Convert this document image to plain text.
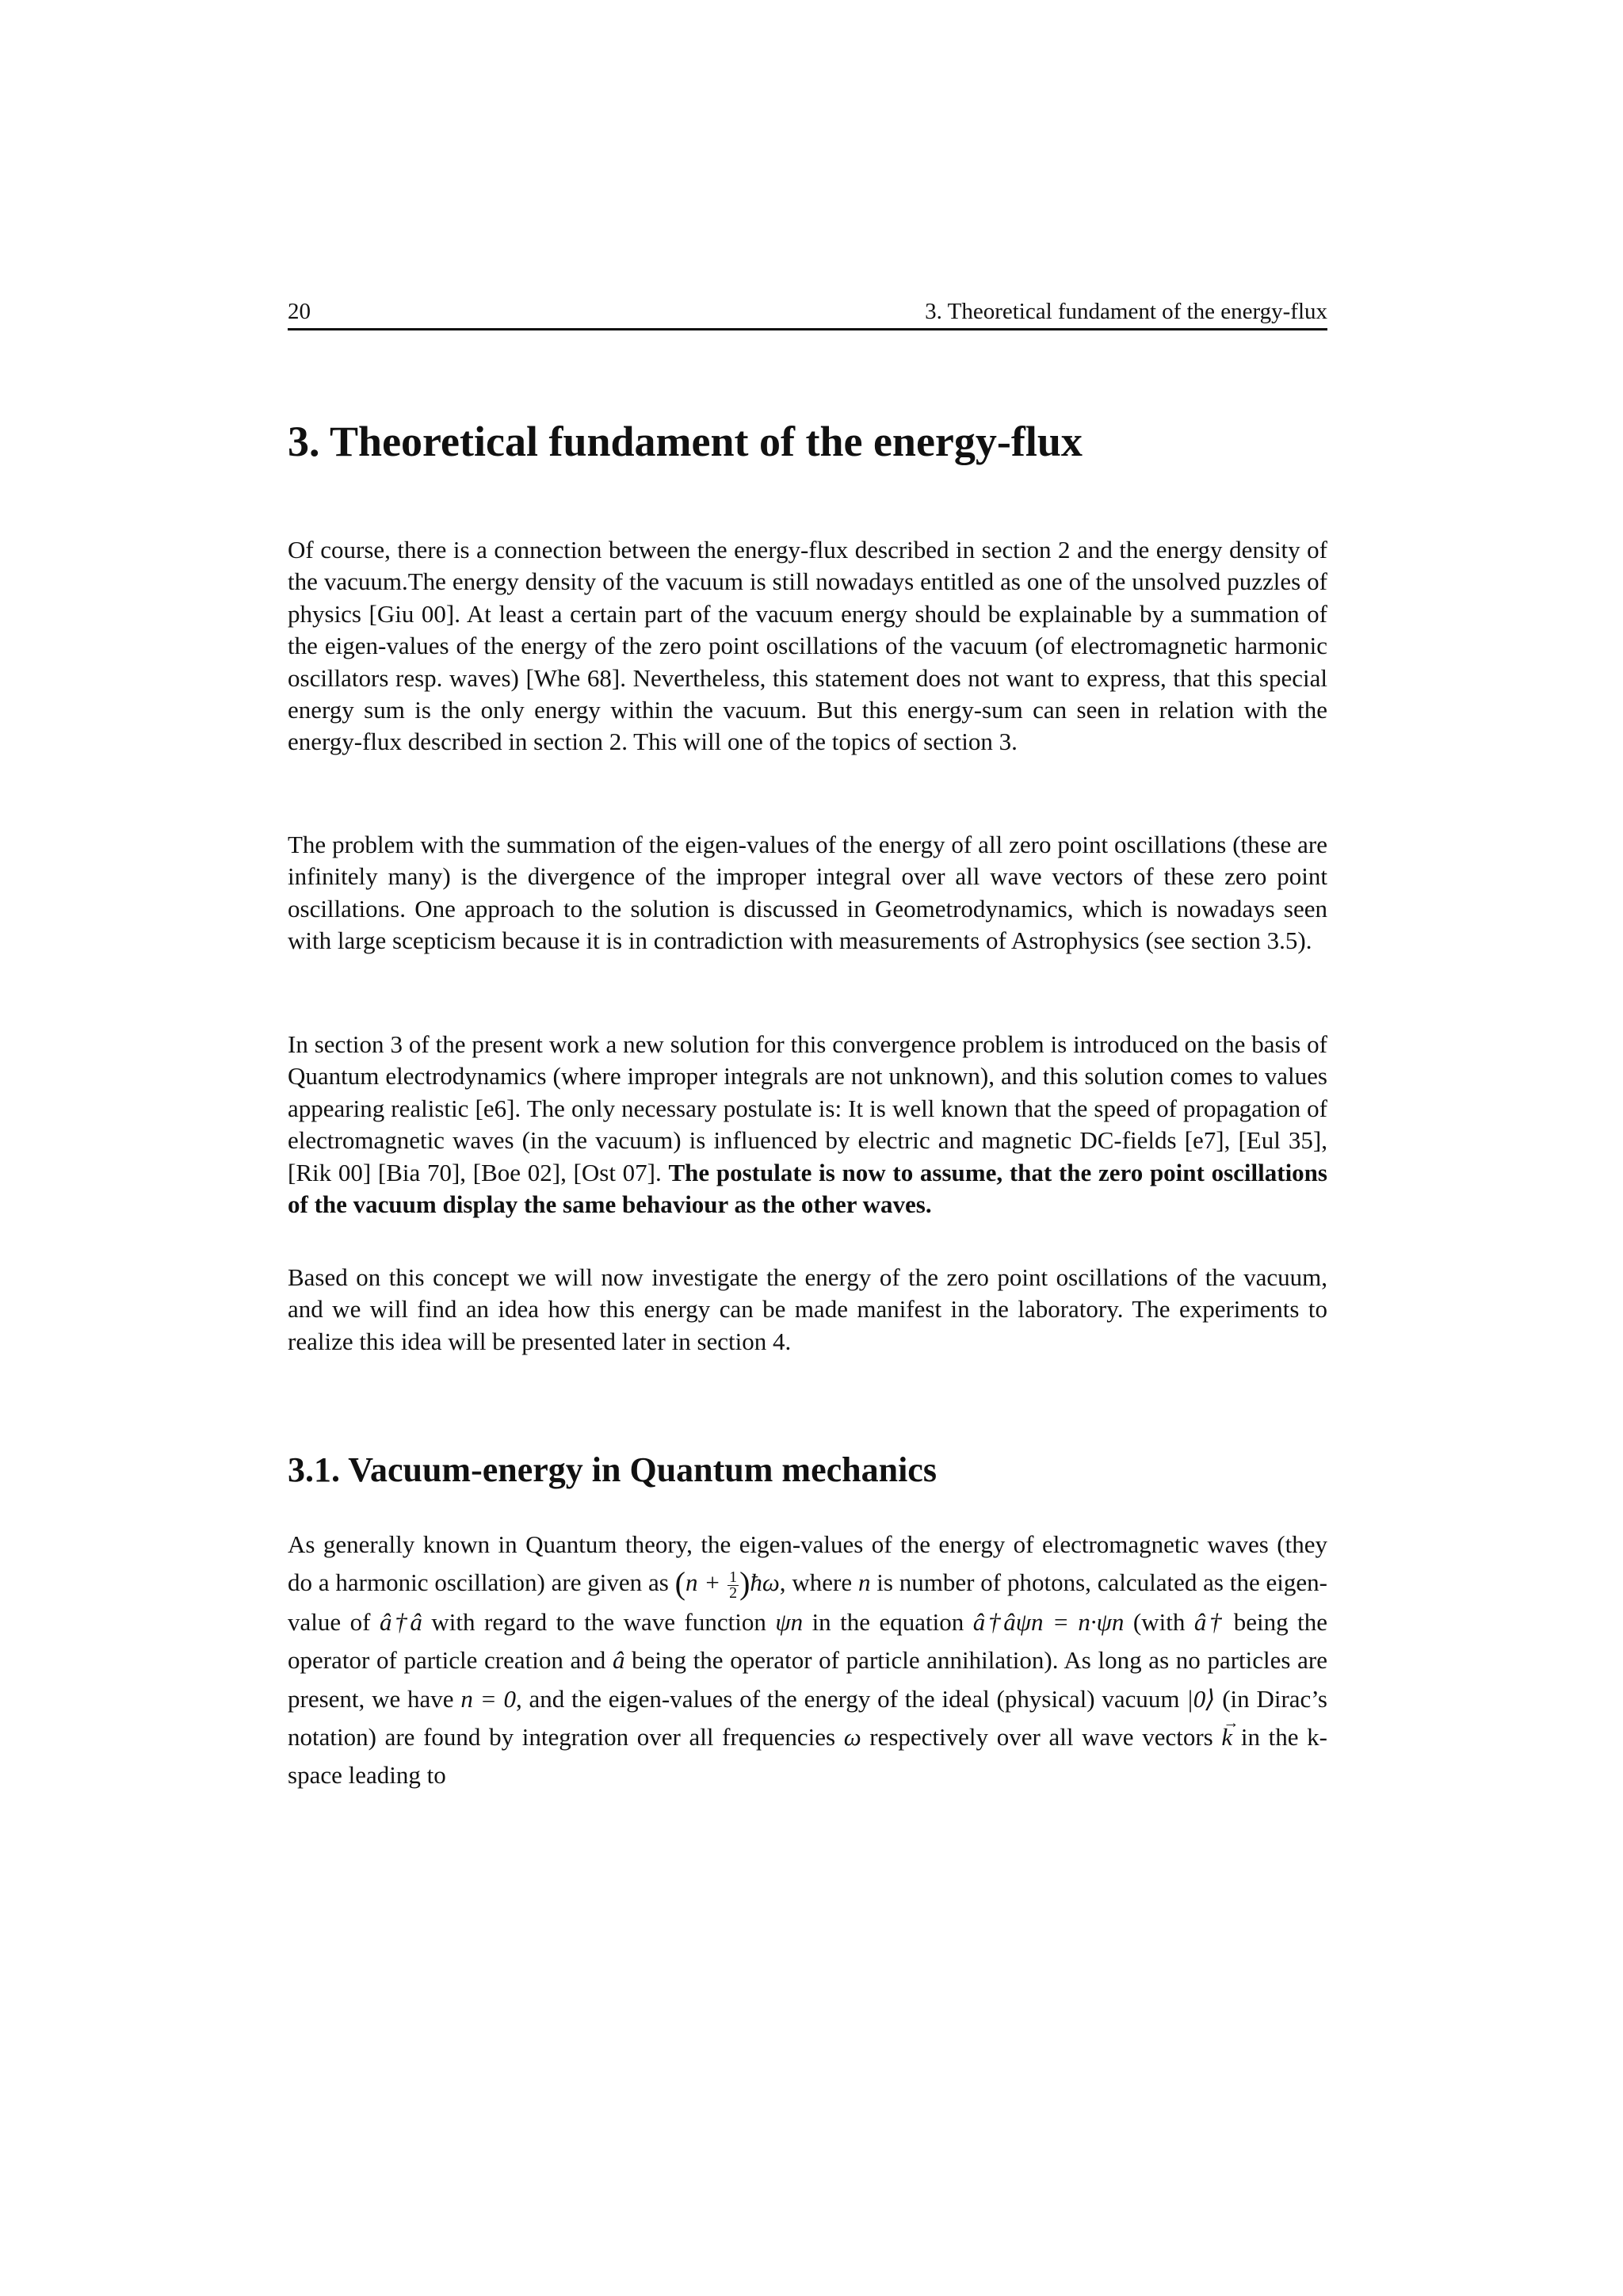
20	3. Theoretical fundament of the energy-flux
3. Theoretical fundament of the energy-flux

Of course, there is a connection between the energy-flux described in section 2 and the energy density of the vacuum.The energy density of the vacuum is still nowadays entitled as one of the unsolved puzzles of physics [Giu 00]. At least a certain part of the vacuum energy should be explainable by a summation of the eigen-values of the energy of the zero point oscillations of the vacuum (of electromagnetic harmonic oscillators resp. waves) [Whe 68]. Nevertheless, this statement does not want to express, that this special energy sum is the only energy within the vacuum. But this energy-sum can seen in relation with the energy-flux described in section 2. This will one of the topics of section 3.

The problem with the summation of the eigen-values of the energy of all zero point oscillations (these are infinitely many) is the divergence of the improper integral over all wave vectors of these zero point oscillations. One approach to the solution is discussed in Geometrodynamics, which is nowadays seen with large scepticism because it is in contradiction with measurements of Astrophysics (see section 3.5).

In section 3 of the present work a new solution for this convergence problem is introduced on the basis of Quantum electrodynamics (where improper integrals are not unknown), and this solution comes to values appearing realistic [e6]. The only necessary postulate is: It is well known that the speed of propagation of electromagnetic waves (in the vacuum) is influenced by electric and magnetic DC-fields [e7], [Eul 35], [Rik 00] [Bia 70], [Boe 02], [Ost 07]. The postulate is now to assume, that the zero point oscillations of the vacuum display the same behaviour as the other waves.

Based on this concept we will now investigate the energy of the zero point oscillations of the vacuum, and we will find an idea how this energy can be made manifest in the laboratory. The experiments to realize this idea will be presented later in section 4.

3.1. Vacuum-energy in Quantum mechanics

As generally known in Quantum theory, the eigen-values of the energy of electromagnetic waves (they do a harmonic oscillation) are given as ($n + \frac{1}{2}$ )ħω, where n is number of photons, calculated as the eigen-value of â†â with regard to the wave function ψn in the equation â†âψn = n·ψn (with â† being the operator of particle creation and â being the operator of particle annihilation). As long as no particles are present, we have n = 0, and the eigen-values of the energy of the ideal (physical) vacuum |0⟩ (in Dirac’s notation) are found by integration over all frequencies ω respectively over all wave vectors → k in the k-space leading to
